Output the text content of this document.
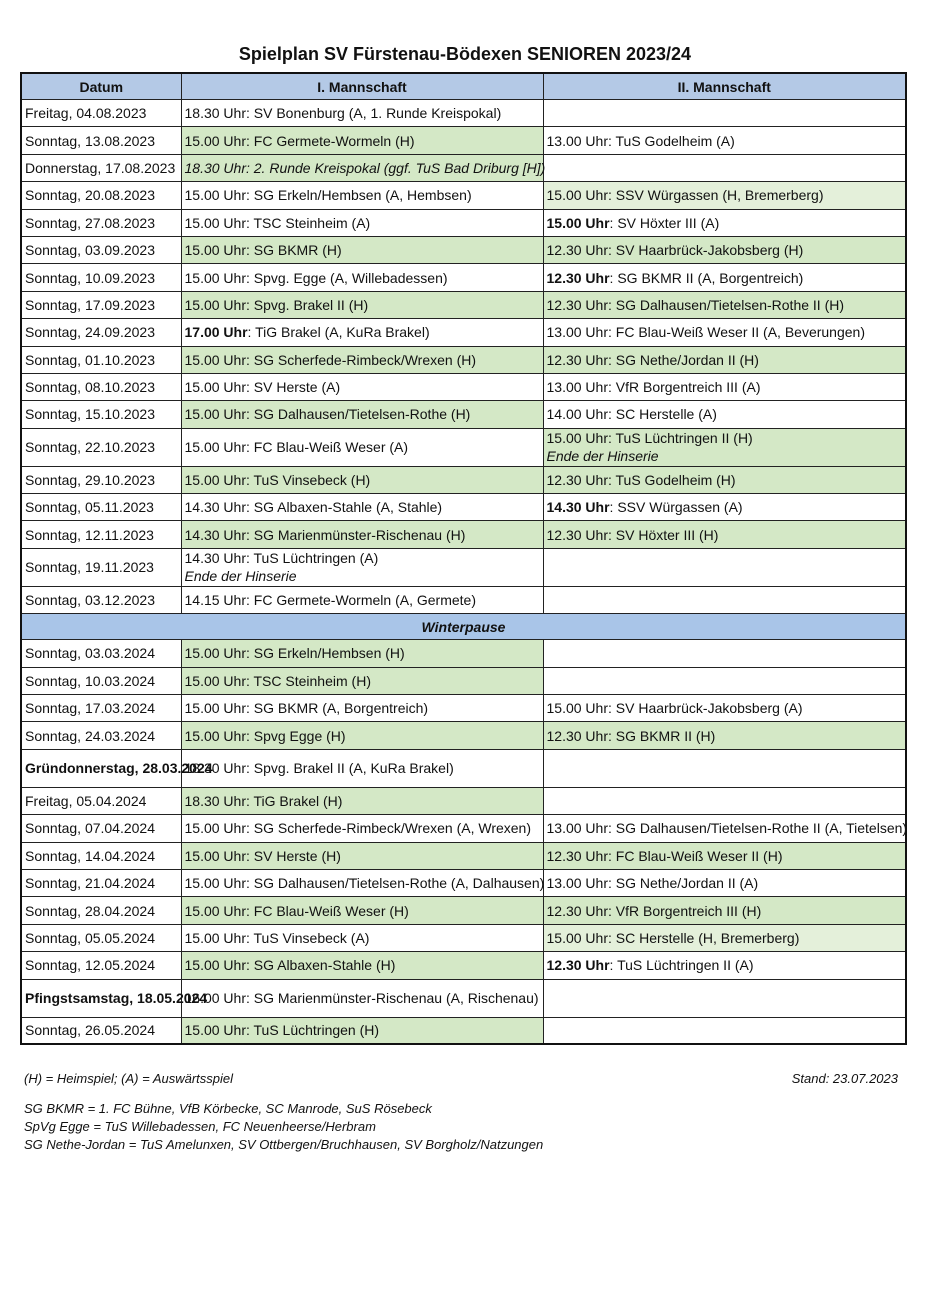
Spielplan SV Fürstenau-Bödexen SENIOREN 2023/24
Datum	I. Mannschaft	II. Mannschaft
Freitag, 04.08.2023	18.30 Uhr: SV Bonenburg (A, 1. Runde Kreispokal)	
Sonntag, 13.08.2023	15.00 Uhr: FC Germete-Wormeln (H)	13.00 Uhr: TuS Godelheim (A)
Donnerstag, 17.08.2023	18.30 Uhr: 2. Runde Kreispokal (ggf. TuS Bad Driburg [H])	
Sonntag, 20.08.2023	15.00 Uhr: SG Erkeln/Hembsen (A, Hembsen)	15.00 Uhr: SSV Würgassen (H, Bremerberg)
Sonntag, 27.08.2023	15.00 Uhr: TSC Steinheim (A)	15.00 Uhr: SV Höxter III (A)
Sonntag, 03.09.2023	15.00 Uhr: SG BKMR (H)	12.30 Uhr: SV Haarbrück-Jakobsberg (H)
Sonntag, 10.09.2023	15.00 Uhr: Spvg. Egge (A, Willebadessen)	12.30 Uhr: SG BKMR II (A, Borgentreich)
Sonntag, 17.09.2023	15.00 Uhr: Spvg. Brakel II (H)	12.30 Uhr: SG Dalhausen/Tietelsen-Rothe II (H)
Sonntag, 24.09.2023	17.00 Uhr: TiG Brakel (A, KuRa Brakel)	13.00 Uhr: FC Blau-Weiß Weser II (A, Beverungen)
Sonntag, 01.10.2023	15.00 Uhr: SG Scherfede-Rimbeck/Wrexen (H)	12.30 Uhr: SG Nethe/Jordan II (H)
Sonntag, 08.10.2023	15.00 Uhr: SV Herste (A)	13.00 Uhr: VfR Borgentreich III (A)
Sonntag, 15.10.2023	15.00 Uhr: SG Dalhausen/Tietelsen-Rothe (H)	14.00 Uhr: SC Herstelle (A)
Sonntag, 22.10.2023	15.00 Uhr: FC Blau-Weiß Weser (A)	15.00 Uhr: TuS Lüchtringen II (H)
Ende der Hinserie

Sonntag, 29.10.2023	15.00 Uhr: TuS Vinsebeck (H)	12.30 Uhr: TuS Godelheim (H)
Sonntag, 05.11.2023	14.30 Uhr: SG Albaxen-Stahle (A, Stahle)	14.30 Uhr: SSV Würgassen (A)
Sonntag, 12.11.2023	14.30 Uhr: SG Marienmünster-Rischenau (H)	12.30 Uhr: SV Höxter III (H)
Sonntag, 19.11.2023	14.30 Uhr: TuS Lüchtringen (A)
Ende der Hinserie	

Sonntag, 03.12.2023	14.15 Uhr: FC Germete-Wormeln (A, Germete)	
Winterpause		
Sonntag, 03.03.2024	15.00 Uhr: SG Erkeln/Hembsen (H)	
Sonntag, 10.03.2024	15.00 Uhr: TSC Steinheim (H)	
Sonntag, 17.03.2024	15.00 Uhr: SG BKMR (A, Borgentreich)	15.00 Uhr: SV Haarbrück-Jakobsberg (A)
Sonntag, 24.03.2024	15.00 Uhr: Spvg Egge (H)	12.30 Uhr: SG BKMR II (H)
Gründonnerstag, 28.03.2024	18.30 Uhr: Spvg. Brakel II (A, KuRa Brakel)	
Freitag, 05.04.2024	18.30 Uhr: TiG Brakel (H)	
Sonntag, 07.04.2024	15.00 Uhr: SG Scherfede-Rimbeck/Wrexen (A, Wrexen)	13.00 Uhr: SG Dalhausen/Tietelsen-Rothe II (A, Tietelsen)
Sonntag, 14.04.2024	15.00 Uhr: SV Herste (H)	12.30 Uhr: FC Blau-Weiß Weser II (H)
Sonntag, 21.04.2024	15.00 Uhr: SG Dalhausen/Tietelsen-Rothe (A, Dalhausen)	13.00 Uhr: SG Nethe/Jordan II (A)
Sonntag, 28.04.2024	15.00 Uhr: FC Blau-Weiß Weser (H)	12.30 Uhr: VfR Borgentreich III (H)
Sonntag, 05.05.2024	15.00 Uhr: TuS Vinsebeck (A)	15.00 Uhr: SC Herstelle (H, Bremerberg)
Sonntag, 12.05.2024	15.00 Uhr: SG Albaxen-Stahle (H)	12.30 Uhr: TuS Lüchtringen II (A)
Pfingstsamstag, 18.05.2024	16.00 Uhr: SG Marienmünster-Rischenau (A, Rischenau)	
Sonntag, 26.05.2024	15.00 Uhr: TuS Lüchtringen (H)	
(H) = Heimspiel; (A) = Auswärtsspiel	Stand: 23.07.2023
SG BKMR = 1. FC Bühne, VfB Körbecke, SC Manrode, SuS Rösebeck
SpVg Egge = TuS Willebadessen, FC Neuenheerse/Herbram
SG Nethe-Jordan = TuS Amelunxen, SV Ottbergen/Bruchhausen, SV Borgholz/Natzungen
